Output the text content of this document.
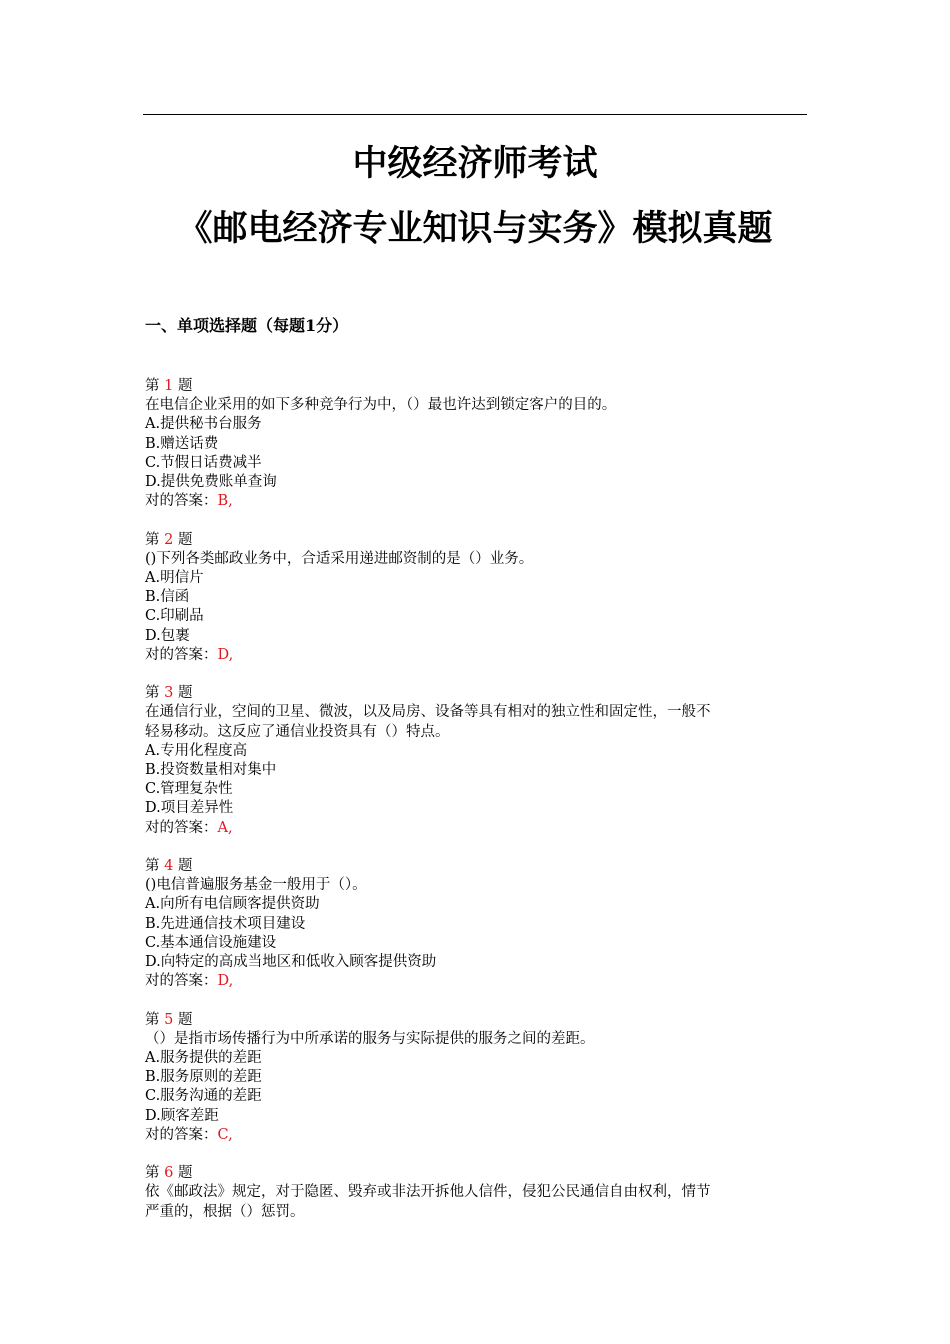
中级经济师考试
《邮电经济专业知识与实务》模拟真题
一、单项选择题（每题1分）
第 1 题
在电信企业采用的如下多种竞争行为中，（）最也许达到锁定客户的目的。
A.提供秘书台服务
B.赠送话费
C.节假日话费减半
D.提供免费账单查询
对的答案：B,
第 2 题
()下列各类邮政业务中，合适采用递进邮资制的是（）业务。
A.明信片
B.信函
C.印刷品
D.包裹
对的答案：D,
第 3 题
在通信行业，空间的卫星、微波，以及局房、设备等具有相对的独立性和固定性，一般不
轻易移动。这反应了通信业投资具有（）特点。
A.专用化程度高
B.投资数量相对集中
C.管理复杂性
D.项目差异性
对的答案：A,
第 4 题
()电信普遍服务基金一般用于（）。
A.向所有电信顾客提供资助
B.先进通信技术项目建设
C.基本通信设施建设
D.向特定的高成当地区和低收入顾客提供资助
对的答案：D,
第 5 题
（）是指市场传播行为中所承诺的服务与实际提供的服务之间的差距。
A.服务提供的差距
B.服务原则的差距
C.服务沟通的差距
D.顾客差距
对的答案：C,
第 6 题
依《邮政法》规定，对于隐匿、毁弃或非法开拆他人信件，侵犯公民通信自由权利，情节
严重的，根据（）惩罚。
